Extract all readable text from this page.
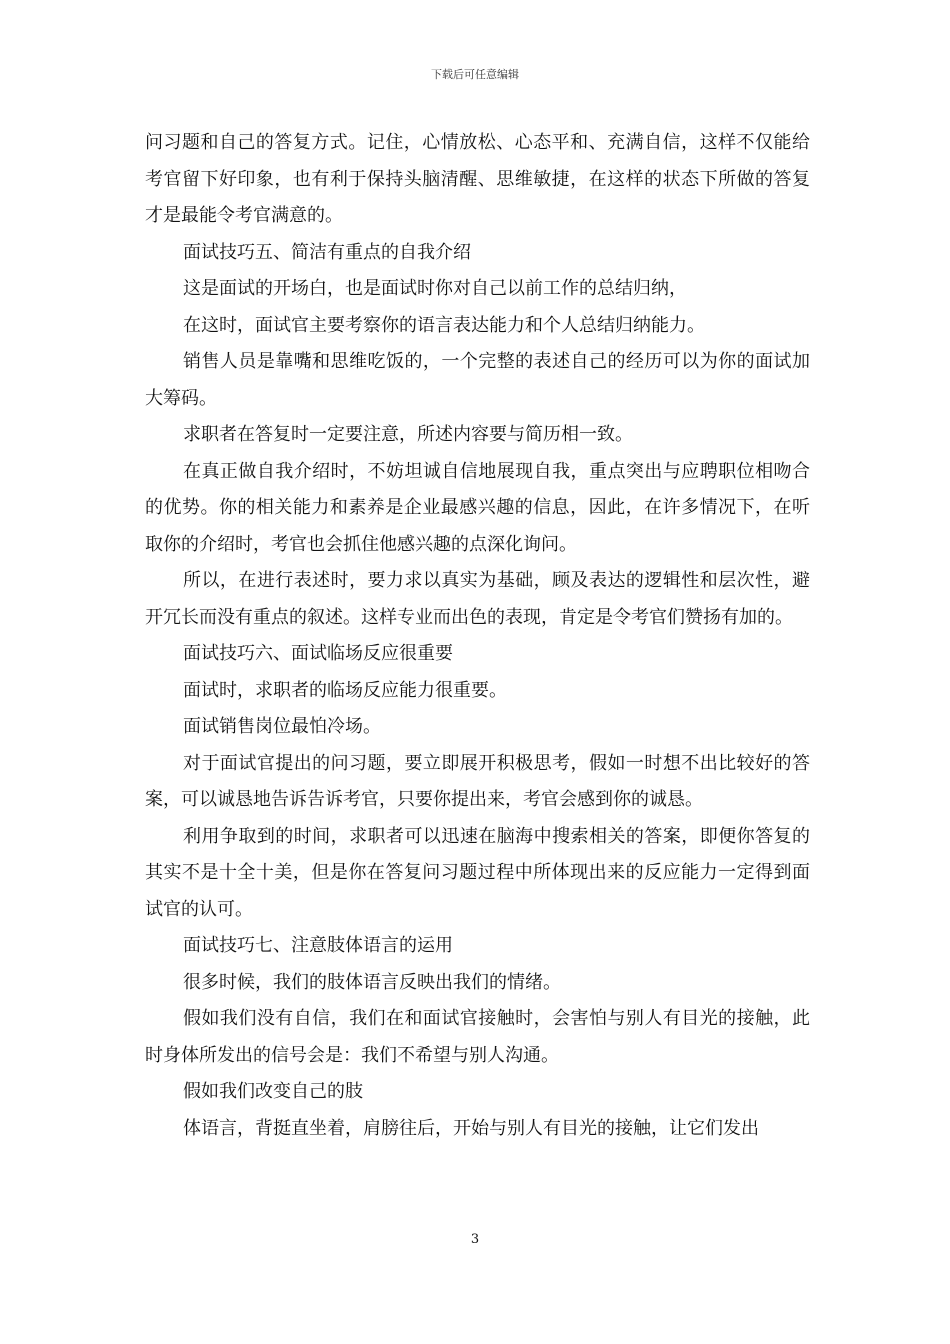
下载后可任意编辑

问习题和自己的答复方式。记住，心情放松、心态平和、充满自信，这样不仅能给考官留下好印象，也有利于保持头脑清醒、思维敏捷，在这样的状态下所做的答复才是最能令考官满意的。

面试技巧五、简洁有重点的自我介绍

这是面试的开场白，也是面试时你对自己以前工作的总结归纳，

在这时，面试官主要考察你的语言表达能力和个人总结归纳能力。

销售人员是靠嘴和思维吃饭的，一个完整的表述自己的经历可以为你的面试加大筹码。

求职者在答复时一定要注意，所述内容要与简历相一致。

在真正做自我介绍时，不妨坦诚自信地展现自我，重点突出与应聘职位相吻合的优势。你的相关能力和素养是企业最感兴趣的信息，因此，在许多情况下，在听取你的介绍时，考官也会抓住他感兴趣的点深化询问。

所以，在进行表述时，要力求以真实为基础，顾及表达的逻辑性和层次性，避开冗长而没有重点的叙述。这样专业而出色的表现，肯定是令考官们赞扬有加的。

面试技巧六、面试临场反应很重要

面试时，求职者的临场反应能力很重要。

面试销售岗位最怕冷场。

对于面试官提出的问习题，要立即展开积极思考，假如一时想不出比较好的答案，可以诚恳地告诉告诉考官，只要你提出来，考官会感到你的诚恳。

利用争取到的时间，求职者可以迅速在脑海中搜索相关的答案，即便你答复的其实不是十全十美，但是你在答复问习题过程中所体现出来的反应能力一定得到面试官的认可。

面试技巧七、注意肢体语言的运用

很多时候，我们的肢体语言反映出我们的情绪。

假如我们没有自信，我们在和面试官接触时，会害怕与别人有目光的接触，此时身体所发出的信号会是：我们不希望与别人沟通。

假如我们改变自己的肢

体语言，背挺直坐着，肩膀往后，开始与别人有目光的接触，让它们发出

3
